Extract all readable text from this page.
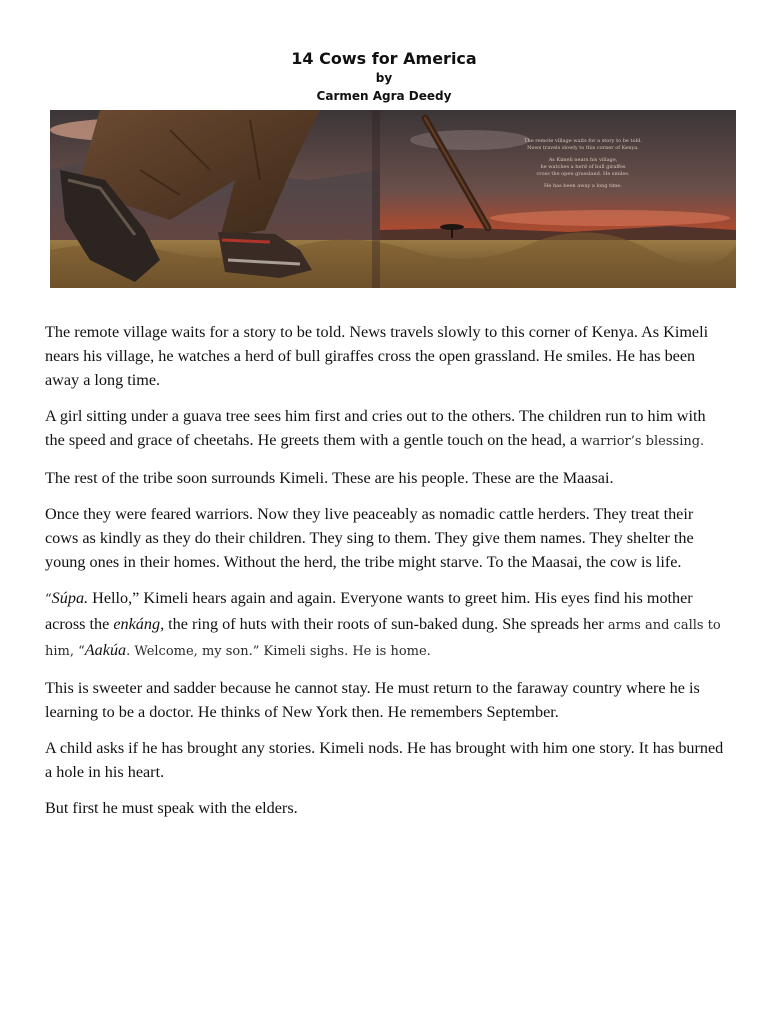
14 Cows for America
by
Carmen Agra Deedy

The remote village waits for a story to be told.
News travels slowly to this corner of Kenya.

As Kimeli nears his village,
he watches a herd of bull giraffes
cross the open grassland. He smiles.

He has been away a long time.

The remote village waits for a story to be told. News travels slowly to this corner of Kenya. As Kimeli nears his village, he watches a herd of bull giraffes cross the open grassland. He smiles. He has been away a long time.

A girl sitting under a guava tree sees him first and cries out to the others. The children run to him with the speed and grace of cheetahs. He greets them with a gentle touch on the head, a warrior’s blessing.

The rest of the tribe soon surrounds Kimeli. These are his people. These are the Maasai.

Once they were feared warriors. Now they live peaceably as nomadic cattle herders. They treat their cows as kindly as they do their children. They sing to them. They give them names. They shelter the young ones in their homes. Without the herd, the tribe might starve. To the Maasai, the cow is life.

“Súpa. Hello,” Kimeli hears again and again. Everyone wants to greet him. His eyes find his mother across the enkáng, the ring of huts with their roots of sun-baked dung. She spreads her arms and calls to him, “Aakúa. Welcome, my son.” Kimeli sighs. He is home.

This is sweeter and sadder because he cannot stay. He must return to the faraway country where he is learning to be a doctor. He thinks of New York then. He remembers September.

A child asks if he has brought any stories. Kimeli nods. He has brought with him one story. It has burned a hole in his heart.

But first he must speak with the elders.
